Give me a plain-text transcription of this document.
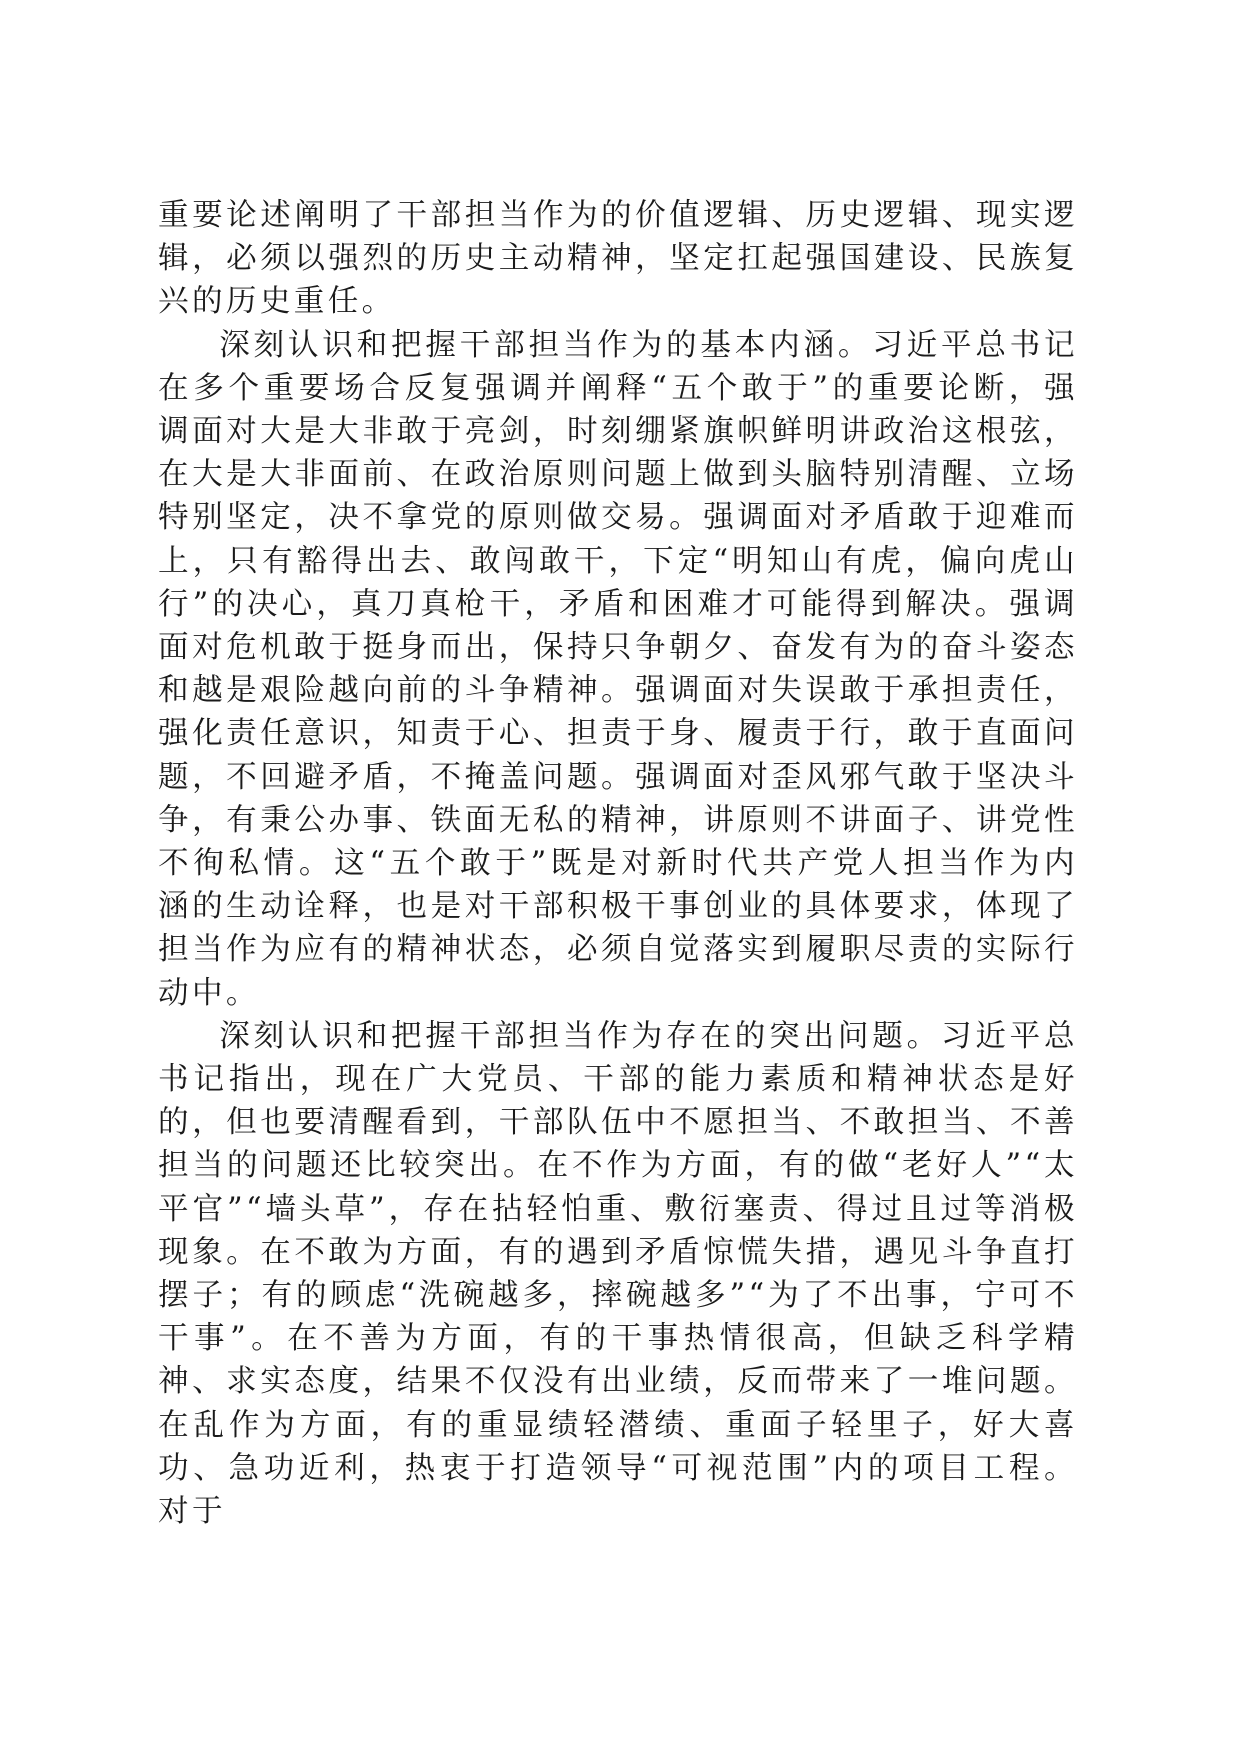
重要论述阐明了干部担当作为的价值逻辑、历史逻辑、现实逻辑，必须以强烈的历史主动精神，坚定扛起强国建设、民族复兴的历史重任。

深刻认识和把握干部担当作为的基本内涵。习近平总书记在多个重要场合反复强调并阐释“五个敢于”的重要论断，强调面对大是大非敢于亮剑，时刻绷紧旗帜鲜明讲政治这根弦，在大是大非面前、在政治原则问题上做到头脑特别清醒、立场特别坚定，决不拿党的原则做交易。强调面对矛盾敢于迎难而上，只有豁得出去、敢闯敢干，下定“明知山有虎，偏向虎山行”的决心，真刀真枪干，矛盾和困难才可能得到解决。强调面对危机敢于挺身而出，保持只争朝夕、奋发有为的奋斗姿态和越是艰险越向前的斗争精神。强调面对失误敢于承担责任，强化责任意识，知责于心、担责于身、履责于行，敢于直面问题，不回避矛盾，不掩盖问题。强调面对歪风邪气敢于坚决斗争，有秉公办事、铁面无私的精神，讲原则不讲面子、讲党性不徇私情。这“五个敢于”既是对新时代共产党人担当作为内涵的生动诠释，也是对干部积极干事创业的具体要求，体现了担当作为应有的精神状态，必须自觉落实到履职尽责的实际行动中。

深刻认识和把握干部担当作为存在的突出问题。习近平总书记指出，现在广大党员、干部的能力素质和精神状态是好的，但也要清醒看到，干部队伍中不愿担当、不敢担当、不善担当的问题还比较突出。在不作为方面，有的做“老好人”“太平官”“墙头草”，存在拈轻怕重、敷衍塞责、得过且过等消极现象。在不敢为方面，有的遇到矛盾惊慌失措，遇见斗争直打摆子；有的顾虑“洗碗越多，摔碗越多”“为了不出事，宁可不干事”。在不善为方面，有的干事热情很高，但缺乏科学精神、求实态度，结果不仅没有出业绩，反而带来了一堆问题。在乱作为方面，有的重显绩轻潜绩、重面子轻里子，好大喜功、急功近利，热衷于打造领导“可视范围”内的项目工程。对于
